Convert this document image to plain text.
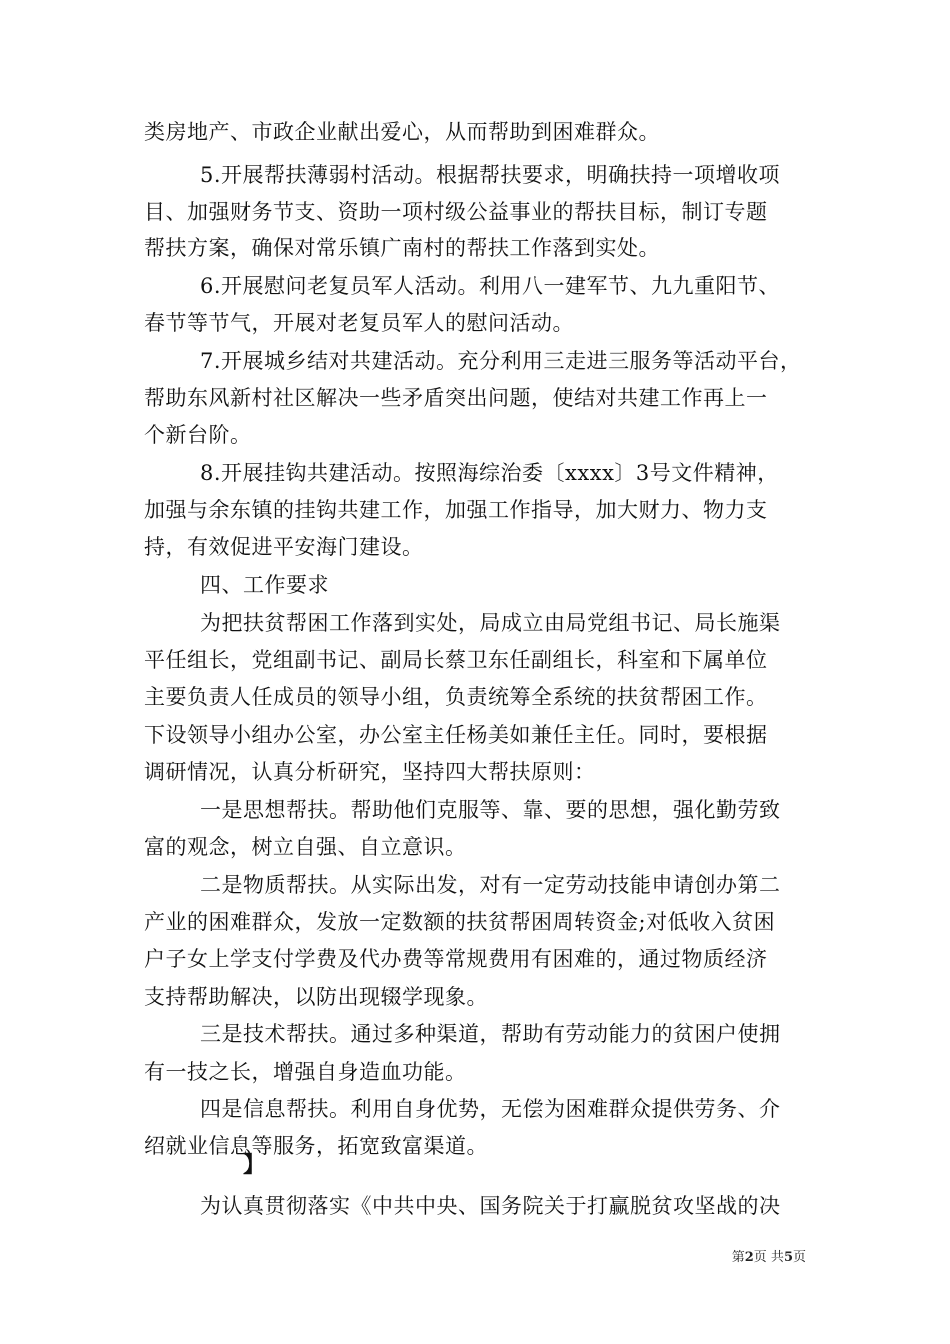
类房地产、市政企业献出爱心，从而帮助到困难群众。
5.开展帮扶薄弱村活动。根据帮扶要求，明确扶持一项增收项
目、加强财务节支、资助一项村级公益事业的帮扶目标，制订专题
帮扶方案，确保对常乐镇广南村的帮扶工作落到实处。
6.开展慰问老复员军人活动。利用八一建军节、九九重阳节、
春节等节气，开展对老复员军人的慰问活动。
7.开展城乡结对共建活动。充分利用三走进三服务等活动平台，
帮助东风新村社区解决一些矛盾突出问题，使结对共建工作再上一
个新台阶。
8.开展挂钩共建活动。按照海综治委〔xxxx〕3号文件精神，
加强与余东镇的挂钩共建工作，加强工作指导，加大财力、物力支
持，有效促进平安海门建设。
四、工作要求
为把扶贫帮困工作落到实处，局成立由局党组书记、局长施渠
平任组长，党组副书记、副局长蔡卫东任副组长，科室和下属单位
主要负责人任成员的领导小组，负责统筹全系统的扶贫帮困工作。
下设领导小组办公室，办公室主任杨美如兼任主任。同时，要根据
调研情况，认真分析研究，坚持四大帮扶原则：
一是思想帮扶。帮助他们克服等、靠、要的思想，强化勤劳致
富的观念，树立自强、自立意识。
二是物质帮扶。从实际出发，对有一定劳动技能申请创办第二
产业的困难群众，发放一定数额的扶贫帮困周转资金;对低收入贫困
户子女上学支付学费及代办费等常规费用有困难的，通过物质经济
支持帮助解决，以防出现辍学现象。
三是技术帮扶。通过多种渠道，帮助有劳动能力的贫困户使拥
有一技之长，增强自身造血功能。
四是信息帮扶。利用自身优势，无偿为困难群众提供劳务、介
绍就业信息等服务，拓宽致富渠道。
】
为认真贯彻落实《中共中央、国务院关于打赢脱贫攻坚战的决
第2页 共5页
